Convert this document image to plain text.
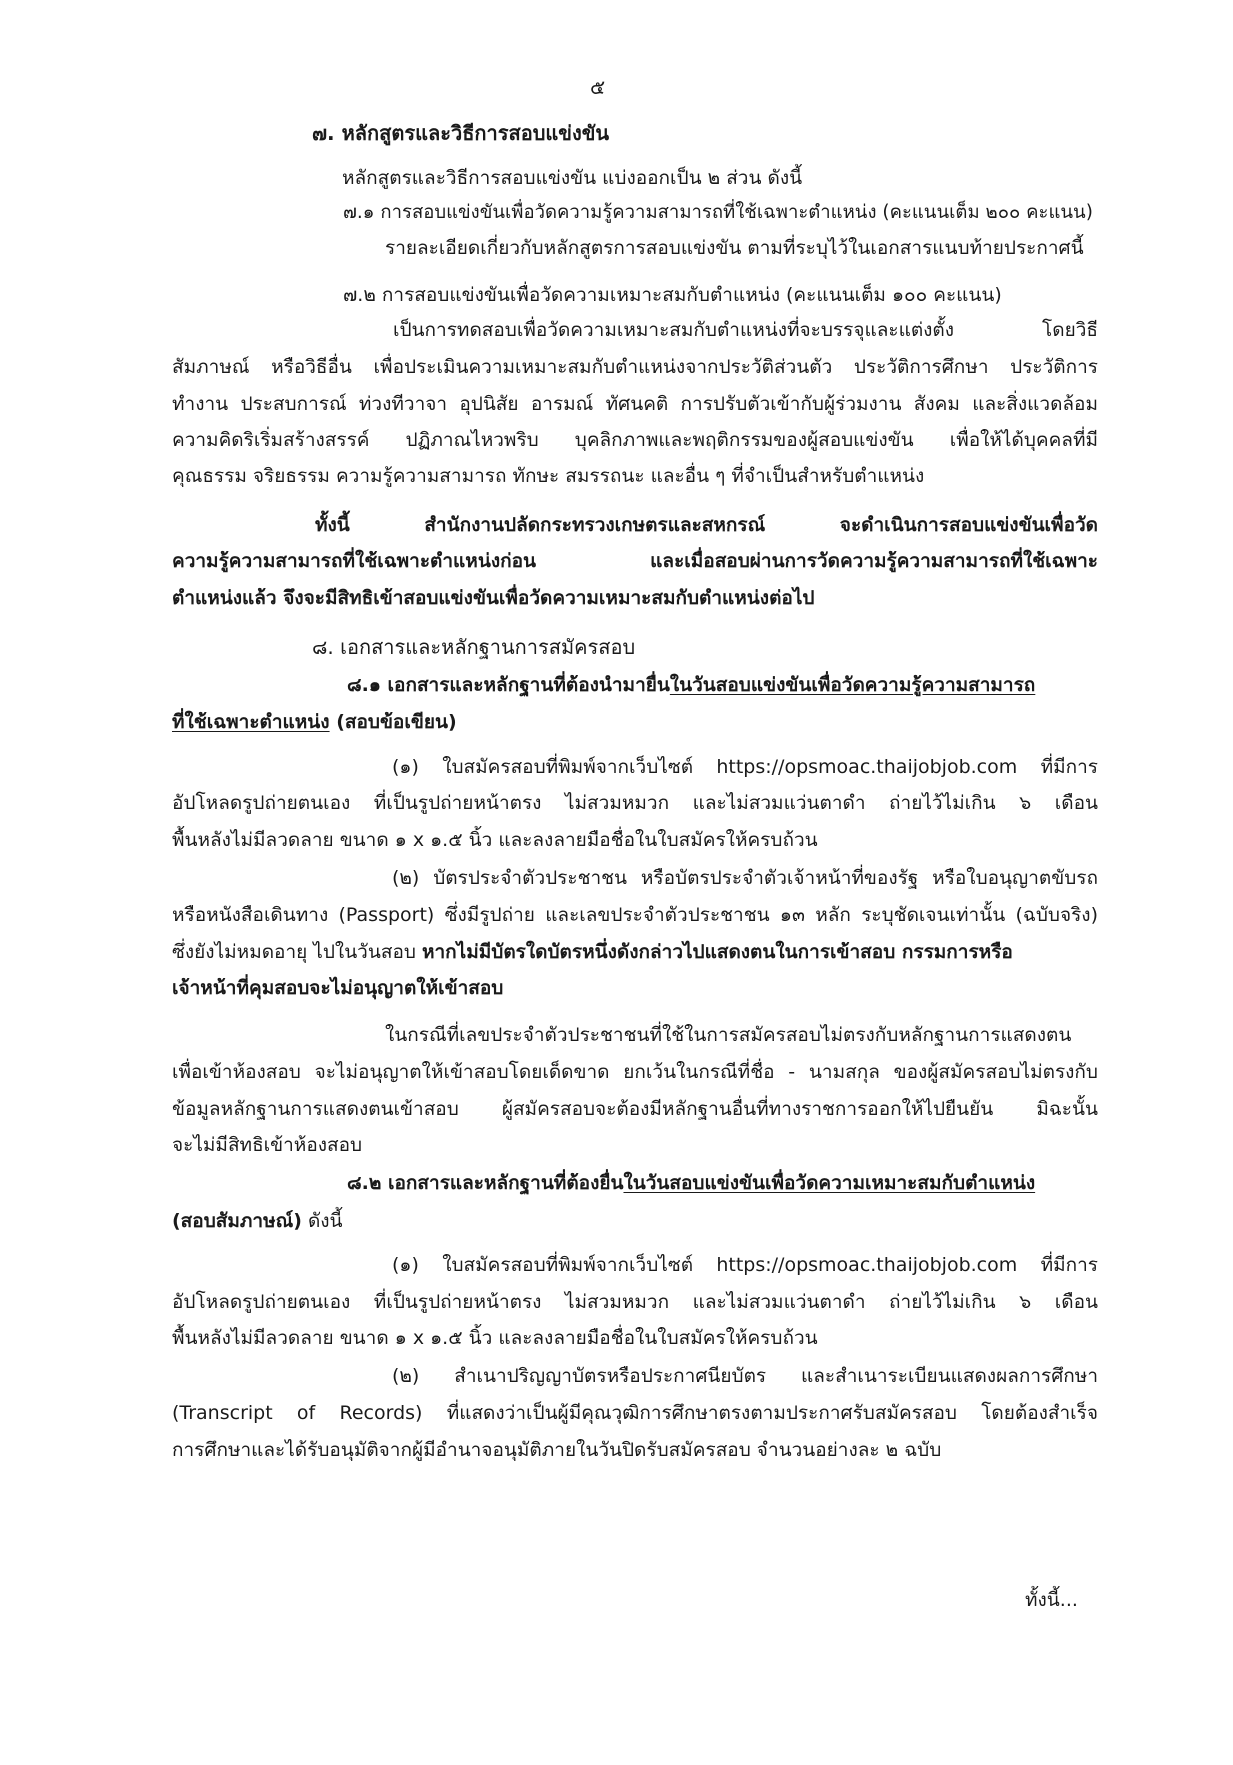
๕
๗. หลักสูตรและวิธีการสอบแข่งขัน
หลักสูตรและวิธีการสอบแข่งขัน แบ่งออกเป็น ๒ ส่วน ดังนี้
๗.๑ การสอบแข่งขันเพื่อวัดความรู้ความสามารถที่ใช้เฉพาะตำแหน่ง (คะแนนเต็ม ๒๐๐ คะแนน)
รายละเอียดเกี่ยวกับหลักสูตรการสอบแข่งขัน ตามที่ระบุไว้ในเอกสารแนบท้ายประกาศนี้
๗.๒ การสอบแข่งขันเพื่อวัดความเหมาะสมกับตำแหน่ง (คะแนนเต็ม ๑๐๐ คะแนน)
เป็นการทดสอบเพื่อวัดความเหมาะสมกับตำแหน่งที่จะบรรจุและแต่งตั้ง โดยวิธี
สัมภาษณ์ หรือวิธีอื่น เพื่อประเมินความเหมาะสมกับตำแหน่งจากประวัติส่วนตัว ประวัติการศึกษา ประวัติการ
ทำงาน ประสบการณ์ ท่วงทีวาจา อุปนิสัย อารมณ์ ทัศนคติ การปรับตัวเข้ากับผู้ร่วมงาน สังคม และสิ่งแวดล้อม
ความคิดริเริ่มสร้างสรรค์ ปฏิภาณไหวพริบ บุคลิกภาพและพฤติกรรมของผู้สอบแข่งขัน เพื่อให้ได้บุคคลที่มี
คุณธรรม จริยธรรม ความรู้ความสามารถ ทักษะ สมรรถนะ และอื่น ๆ ที่จำเป็นสำหรับตำแหน่ง
ทั้งนี้ สำนักงานปลัดกระทรวงเกษตรและสหกรณ์ จะดำเนินการสอบแข่งขันเพื่อวัด
ความรู้ความสามารถที่ใช้เฉพาะตำแหน่งก่อน และเมื่อสอบผ่านการวัดความรู้ความสามารถที่ใช้เฉพาะ
ตำแหน่งแล้ว จึงจะมีสิทธิเข้าสอบแข่งขันเพื่อวัดความเหมาะสมกับตำแหน่งต่อไป
๘. เอกสารและหลักฐานการสมัครสอบ
๘.๑ เอกสารและหลักฐานที่ต้องนำมายื่นในวันสอบแข่งขันเพื่อวัดความรู้ความสามารถ
ที่ใช้เฉพาะตำแหน่ง (สอบข้อเขียน)
(๑) ใบสมัครสอบที่พิมพ์จากเว็บไซต์ https://opsmoac.thaijobjob.com ที่มีการ
อัปโหลดรูปถ่ายตนเอง ที่เป็นรูปถ่ายหน้าตรง ไม่สวมหมวก และไม่สวมแว่นตาดำ ถ่ายไว้ไม่เกิน ๖ เดือน
พื้นหลังไม่มีลวดลาย ขนาด ๑ x ๑.๕ นิ้ว และลงลายมือชื่อในใบสมัครให้ครบถ้วน
(๒) บัตรประจำตัวประชาชน หรือบัตรประจำตัวเจ้าหน้าที่ของรัฐ หรือใบอนุญาตขับรถ
หรือหนังสือเดินทาง (Passport) ซึ่งมีรูปถ่าย และเลขประจำตัวประชาชน ๑๓ หลัก ระบุชัดเจนเท่านั้น (ฉบับจริง)
ซึ่งยังไม่หมดอายุ ไปในวันสอบ หากไม่มีบัตรใดบัตรหนึ่งดังกล่าวไปแสดงตนในการเข้าสอบ กรรมการหรือ
เจ้าหน้าที่คุมสอบจะไม่อนุญาตให้เข้าสอบ
ในกรณีที่เลขประจำตัวประชาชนที่ใช้ในการสมัครสอบไม่ตรงกับหลักฐานการแสดงตน
เพื่อเข้าห้องสอบ จะไม่อนุญาตให้เข้าสอบโดยเด็ดขาด ยกเว้นในกรณีที่ชื่อ - นามสกุล ของผู้สมัครสอบไม่ตรงกับ
ข้อมูลหลักฐานการแสดงตนเข้าสอบ ผู้สมัครสอบจะต้องมีหลักฐานอื่นที่ทางราชการออกให้ไปยืนยัน มิฉะนั้น
จะไม่มีสิทธิเข้าห้องสอบ
๘.๒ เอกสารและหลักฐานที่ต้องยื่นในวันสอบแข่งขันเพื่อวัดความเหมาะสมกับตำแหน่ง
(สอบสัมภาษณ์) ดังนี้
(๑) ใบสมัครสอบที่พิมพ์จากเว็บไซต์ https://opsmoac.thaijobjob.com ที่มีการ
อัปโหลดรูปถ่ายตนเอง ที่เป็นรูปถ่ายหน้าตรง ไม่สวมหมวก และไม่สวมแว่นตาดำ ถ่ายไว้ไม่เกิน ๖ เดือน
พื้นหลังไม่มีลวดลาย ขนาด ๑ x ๑.๕ นิ้ว และลงลายมือชื่อในใบสมัครให้ครบถ้วน
(๒) สำเนาปริญญาบัตรหรือประกาศนียบัตร และสำเนาระเบียนแสดงผลการศึกษา
(Transcript of Records) ที่แสดงว่าเป็นผู้มีคุณวุฒิการศึกษาตรงตามประกาศรับสมัครสอบ โดยต้องสำเร็จ
การศึกษาและได้รับอนุมัติจากผู้มีอำนาจอนุมัติภายในวันปิดรับสมัครสอบ จำนวนอย่างละ ๒ ฉบับ
ทั้งนี้...
